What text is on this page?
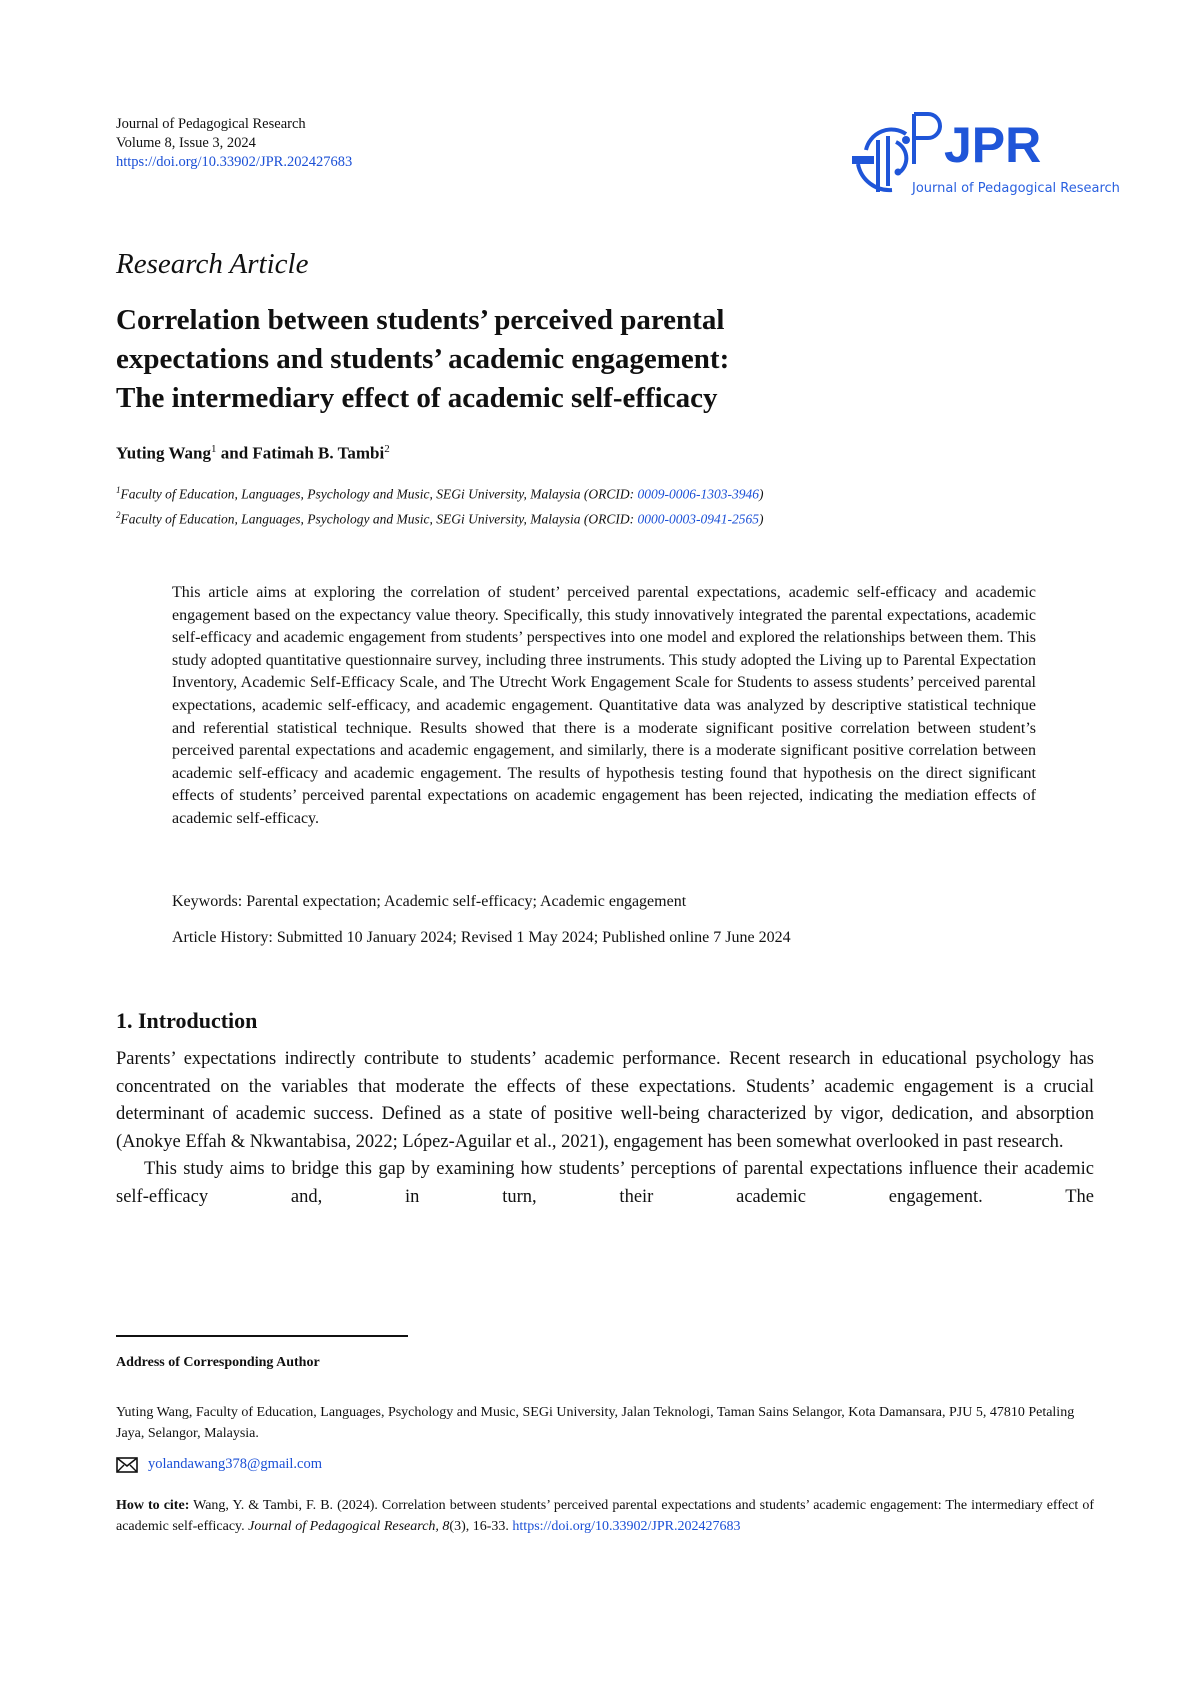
Journal of Pedagogical Research
Volume 8, Issue 3, 2024
https://doi.org/10.33902/JPR.202427683	JPR
Journal of Pedagogical Research
Research Article
Correlation between students’ perceived parental
expectations and students’ academic engagement:
The intermediary effect of academic self-efficacy
Yuting Wang$^1$ and Fatimah B. Tambi$^2$
$^1$Faculty of Education, Languages, Psychology and Music, SEGi University, Malaysia (ORCID: 0009-0006-1303-3946)
$^2$Faculty of Education, Languages, Psychology and Music, SEGi University, Malaysia (ORCID: 0000-0003-0941-2565)
This article aims at exploring the correlation of student’ perceived parental expectations, academic self-efficacy and academic engagement based on the expectancy value theory. Specifically, this study innovatively integrated the parental expectations, academic self-efficacy and academic engagement from students’ perspectives into one model and explored the relationships between them. This study adopted quantitative questionnaire survey, including three instruments. This study adopted the Living up to Parental Expectation Inventory, Academic Self-Efficacy Scale, and The Utrecht Work Engagement Scale for Students to assess students’ perceived parental expectations, academic self-efficacy, and academic engagement. Quantitative data was analyzed by descriptive statistical technique and referential statistical technique. Results showed that there is a moderate significant positive correlation between student’s perceived parental expectations and academic engagement, and similarly, there is a moderate significant positive correlation between academic self-efficacy and academic engagement. The results of hypothesis testing found that hypothesis on the direct significant effects of students’ perceived parental expectations on academic engagement has been rejected, indicating the mediation effects of academic self-efficacy.
Keywords: Parental expectation; Academic self-efficacy; Academic engagement
Article History: Submitted 10 January 2024; Revised 1 May 2024; Published online 7 June 2024
1. Introduction

Parents’ expectations indirectly contribute to students’ academic performance. Recent research in educational psychology has concentrated on the variables that moderate the effects of these expectations. Students’ academic engagement is a crucial determinant of academic success. Defined as a state of positive well-being characterized by vigor, dedication, and absorption (Anokye Effah & Nkwantabisa, 2022; López-Aguilar et al., 2021), engagement has been somewhat overlooked in past research.

This study aims to bridge this gap by examining how students’ perceptions of parental expectations influence their academic self-efficacy and, in turn, their academic engagement. The

Address of Corresponding Author
Yuting Wang, Faculty of Education, Languages, Psychology and Music, SEGi University, Jalan Teknologi, Taman Sains Selangor, Kota Damansara, PJU 5, 47810 Petaling Jaya, Selangor, Malaysia.
yolandawang378@gmail.com
How to cite: Wang, Y. & Tambi, F. B. (2024). Correlation between students’ perceived parental expectations and students’ academic engagement: The intermediary effect of academic self-efficacy. Journal of Pedagogical Research, 8(3), 16-33. https://doi.org/10.33902/JPR.202427683
